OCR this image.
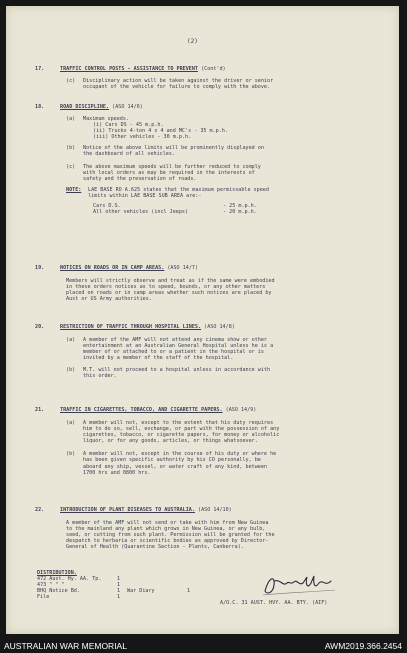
(2)
17.	TRAFFIC CONTROL POSTS - ASSISTANCE TO PREVENT (Cont'd)
(c) Disciplinary action will be taken against the driver or senior
occupant of the vehicle for failure to comply with the above.
18.	ROAD DISCIPLINE. (ASO 14/6)
(a) Maximum speeds.
(i) Cars DS - 45 m.p.h.
(ii) Trucks 4-ton 4 x 4 and MC's - 35 m.p.h.
(iii) Other vehicles - 30 m.p.h.
(b) Notice of the above limits will be prominently displayed on
the dashboard of all vehicles.
(c) The above maximum speeds will be further reduced to comply
with local orders as may be required in the interests of
safety and the preservation of roads.
NOTE:	LAE BASE RO A.625 states that the maximum permissable speed
limits within LAE BASE SUB AREA are:-
Cars D.S.	- 25 m.p.h.
All other vehicles (incl Jeeps)	- 20 m.p.h.
19.	NOTICES ON ROADS OR IN CAMP AREAS. (ASO 14/7)
Members will strictly observe and treat as if the same were embodied
in these orders notices as to speed, bounds, or any other matters
placed on roads or in camp areas whether such notices are placed by
Aust or US Army authorities.
20.	RESTRICTION OF TRAFFIC THROUGH HOSPITAL LINES. (ASO 14/8)
(a) A member of the AMF will not attend any cinema show or other
entertainment at an Australian General Hospital unless he is a
member of or attached to or a patient in the hospital or is
invited by a member of the staff of the hospital.
(b) M.T. will not proceed to a hospital unless in accordance with
this order.
21.	TRAFFIC IN CIGARETTES, TOBACCO, AND CIGARETTE PAPERS. (ASO 14/9)
(a) A member will not, except to the extent that his duty requires
him to do so, sell, exchange, or part with the possession of any
cigarettes, tobacco, or cigarette papers, for money or alcoholic
liquor, or for any goods, articles, or things whatsoever.
(b) A member will not, except in the course of his duty or where he
has been given specific authority by his CO personally, be
aboard any ship, vessel, or water craft of any kind, between
1700 hrs and 0800 hrs.
22.	INTRODUCTION OF PLANT DISEASES TO AUSTRALIA. (ASO 14/10)
A member of the AMF will not send or take with him from New Guinea
to the mainland any plant which grows in New Guinea, or any bulb,
seed, or cutting from such plant. Permission will be granted for the
despatch to herbaria or scientific bodies as approved by Director-
General of Health (Quarantine Section - Plants, Canberra).
DISTRIBUTION.
472 Aust. Hy. AA. Tp.	1
473 " " "	1
BHQ Notice Bd.	1	War Diary	1
File	1
A/O.C. 31 AUST. HVY. AA. BTY. (AIF)
AUSTRALIAN WAR MEMORIAL	AWM2019.366.2454
